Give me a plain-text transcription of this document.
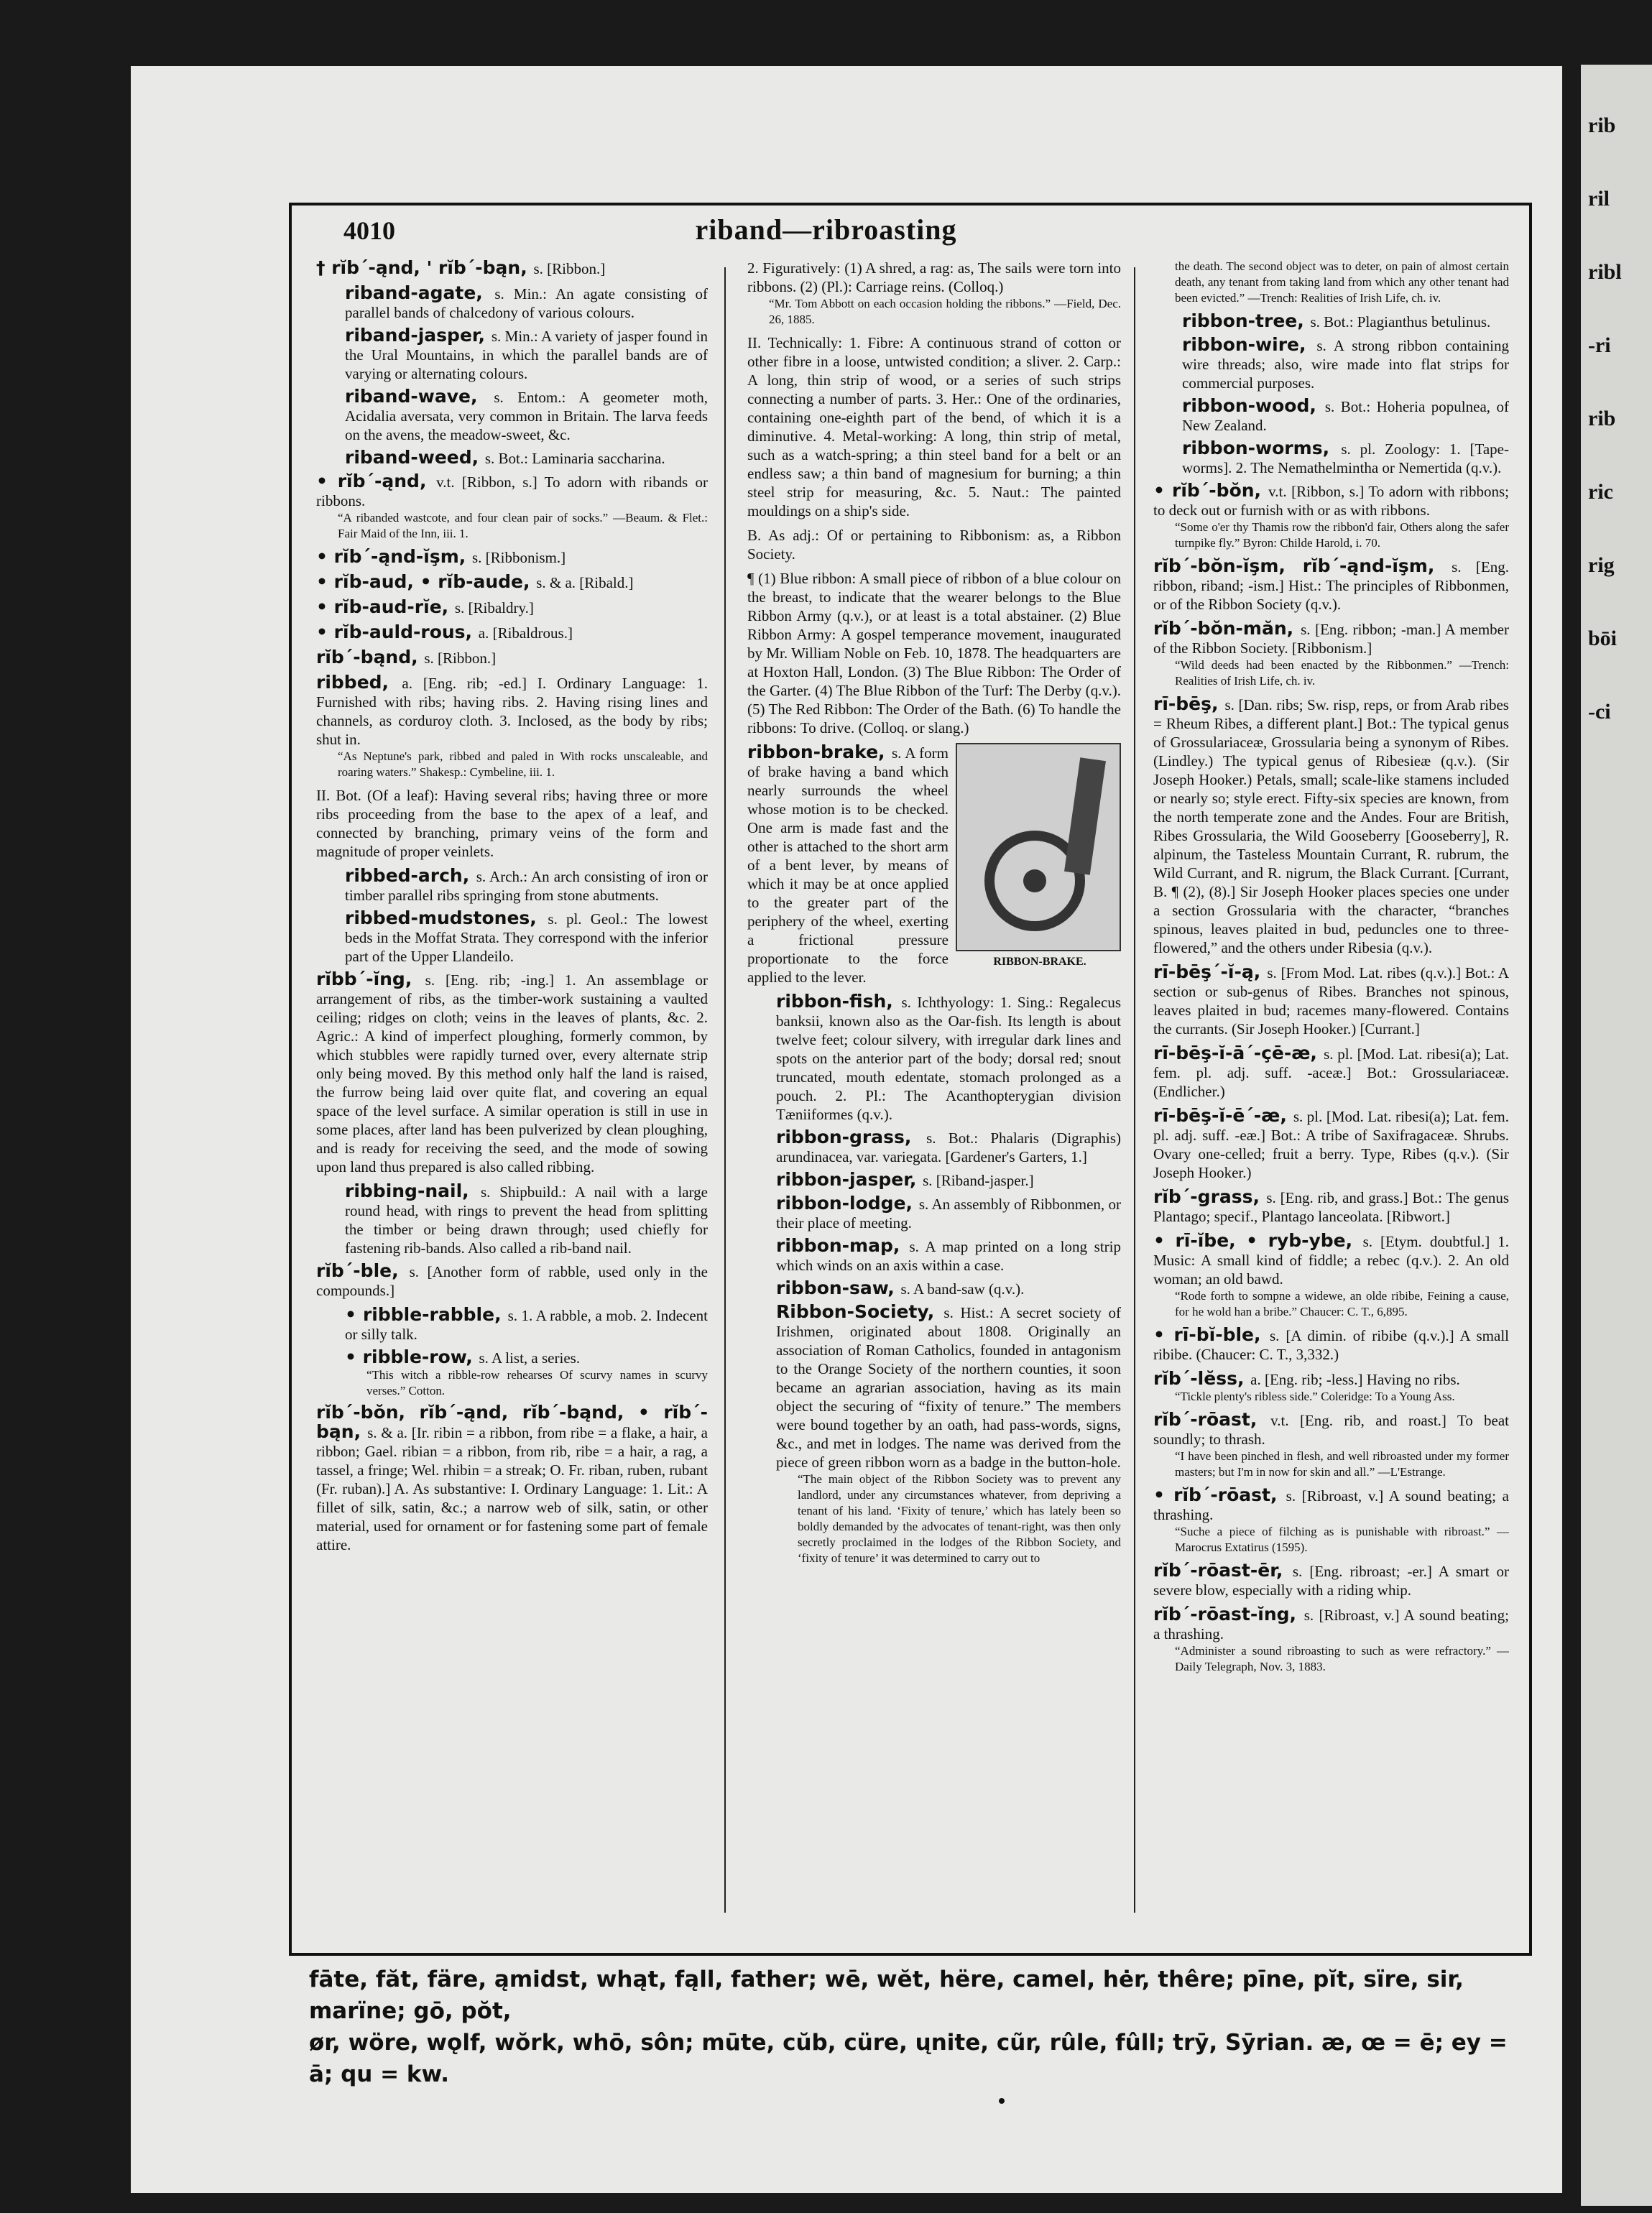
rib
ril
ribl
-ri
rib
ric
rig
bōi
-ci
4010	riband—ribroasting
† rĭb´-ąnd, ' rĭb´-bąn, s. [Ribbon.]
riband-agate, s. Min.: An agate consisting of parallel bands of chalcedony of various colours.
riband-jasper, s. Min.: A variety of jasper found in the Ural Mountains, in which the parallel bands are of varying or alternating colours.
riband-wave, s. Entom.: A geometer moth, Acidalia aversata, very common in Britain. The larva feeds on the avens, the meadow-sweet, &c.
riband-weed, s. Bot.: Laminaria saccharina.
• rĭb´-ąnd, v.t. [Ribbon, s.] To adorn with ribands or ribbons.
“A ribanded wastcote, and four clean pair of socks.” —Beaum. & Flet.: Fair Maid of the Inn, iii. 1.
• rĭb´-ąnd-ĭşm, s. [Ribbonism.]
• rĭb-aud, • rĭb-aude, s. & a. [Ribald.]
• rĭb-aud-rĭe, s. [Ribaldry.]
• rĭb-auld-rous, a. [Ribaldrous.]
rĭb´-bąnd, s. [Ribbon.]
ribbed, a. [Eng. rib; -ed.] I. Ordinary Language: 1. Furnished with ribs; having ribs. 2. Having rising lines and channels, as corduroy cloth. 3. Inclosed, as the body by ribs; shut in.
“As Neptune's park, ribbed and paled in With rocks unscaleable, and roaring waters.” Shakesp.: Cymbeline, iii. 1.
II. Bot. (Of a leaf): Having several ribs; having three or more ribs proceeding from the base to the apex of a leaf, and connected by branching, primary veins of the form and magnitude of proper veinlets.
ribbed-arch, s. Arch.: An arch consisting of iron or timber parallel ribs springing from stone abutments.
ribbed-mudstones, s. pl. Geol.: The lowest beds in the Moffat Strata. They correspond with the inferior part of the Upper Llandeilo.
rĭbb´-ĭng, s. [Eng. rib; -ing.] 1. An assemblage or arrangement of ribs, as the timber-work sustaining a vaulted ceiling; ridges on cloth; veins in the leaves of plants, &c. 2. Agric.: A kind of imperfect ploughing, formerly common, by which stubbles were rapidly turned over, every alternate strip only being moved. By this method only half the land is raised, the furrow being laid over quite flat, and covering an equal space of the level surface. A similar operation is still in use in some places, after land has been pulverized by clean ploughing, and is ready for receiving the seed, and the mode of sowing upon land thus prepared is also called ribbing.
ribbing-nail, s. Shipbuild.: A nail with a large round head, with rings to prevent the head from splitting the timber or being drawn through; used chiefly for fastening rib-bands. Also called a rib-band nail.
rĭb´-ble, s. [Another form of rabble, used only in the compounds.]
• ribble-rabble, s. 1. A rabble, a mob. 2. Indecent or silly talk.
• ribble-row, s. A list, a series.
“This witch a ribble-row rehearses Of scurvy names in scurvy verses.” Cotton.
rĭb´-bŏn, rĭb´-ąnd, rĭb´-bąnd, • rĭb´-bąn, s. & a. [Ir. ribin = a ribbon, from ribe = a flake, a hair, a ribbon; Gael. ribian = a ribbon, from rib, ribe = a hair, a rag, a tassel, a fringe; Wel. rhibin = a streak; O. Fr. riban, ruben, rubant (Fr. ruban).] A. As substantive: I. Ordinary Language: 1. Lit.: A fillet of silk, satin, &c.; a narrow web of silk, satin, or other material, used for ornament or for fastening some part of female attire.
2. Figuratively: (1) A shred, a rag: as, The sails were torn into ribbons. (2) (Pl.): Carriage reins. (Colloq.)
“Mr. Tom Abbott on each occasion holding the ribbons.” —Field, Dec. 26, 1885.
II. Technically: 1. Fibre: A continuous strand of cotton or other fibre in a loose, untwisted condition; a sliver. 2. Carp.: A long, thin strip of wood, or a series of such strips connecting a number of parts. 3. Her.: One of the ordinaries, containing one-eighth part of the bend, of which it is a diminutive. 4. Metal-working: A long, thin strip of metal, such as a watch-spring; a thin steel band for a belt or an endless saw; a thin band of magnesium for burning; a thin steel strip for measuring, &c. 5. Naut.: The painted mouldings on a ship's side.
B. As adj.: Of or pertaining to Ribbonism: as, a Ribbon Society.
¶ (1) Blue ribbon: A small piece of ribbon of a blue colour on the breast, to indicate that the wearer belongs to the Blue Ribbon Army (q.v.), or at least is a total abstainer. (2) Blue Ribbon Army: A gospel temperance movement, inaugurated by Mr. William Noble on Feb. 10, 1878. The headquarters are at Hoxton Hall, London. (3) The Blue Ribbon: The Order of the Garter. (4) The Blue Ribbon of the Turf: The Derby (q.v.). (5) The Red Ribbon: The Order of the Bath. (6) To handle the ribbons: To drive. (Colloq. or slang.)
RIBBON-BRAKE.
ribbon-brake, s. A form of brake having a band which nearly surrounds the wheel whose motion is to be checked. One arm is made fast and the other is attached to the short arm of a bent lever, by means of which it may be at once applied to the greater part of the periphery of the wheel, exerting a frictional pressure proportionate to the force applied to the lever.
ribbon-fish, s. Ichthyology: 1. Sing.: Regalecus banksii, known also as the Oar-fish. Its length is about twelve feet; colour silvery, with irregular dark lines and spots on the anterior part of the body; dorsal red; snout truncated, mouth edentate, stomach prolonged as a pouch. 2. Pl.: The Acanthopterygian division Tæniiformes (q.v.).
ribbon-grass, s. Bot.: Phalaris (Digraphis) arundinacea, var. variegata. [Gardener's Garters, 1.]
ribbon-jasper, s. [Riband-jasper.]
ribbon-lodge, s. An assembly of Ribbonmen, or their place of meeting.
ribbon-map, s. A map printed on a long strip which winds on an axis within a case.
ribbon-saw, s. A band-saw (q.v.).
Ribbon-Society, s. Hist.: A secret society of Irishmen, originated about 1808. Originally an association of Roman Catholics, founded in antagonism to the Orange Society of the northern counties, it soon became an agrarian association, having as its main object the securing of “fixity of tenure.” The members were bound together by an oath, had pass-words, signs, &c., and met in lodges. The name was derived from the piece of green ribbon worn as a badge in the button-hole.
“The main object of the Ribbon Society was to prevent any landlord, under any circumstances whatever, from depriving a tenant of his land. ‘Fixity of tenure,’ which has lately been so boldly demanded by the advocates of tenant-right, was then only secretly proclaimed in the lodges of the Ribbon Society, and ‘fixity of tenure’ it was determined to carry out to
the death. The second object was to deter, on pain of almost certain death, any tenant from taking land from which any other tenant had been evicted.” —Trench: Realities of Irish Life, ch. iv.
ribbon-tree, s. Bot.: Plagianthus betulinus.
ribbon-wire, s. A strong ribbon containing wire threads; also, wire made into flat strips for commercial purposes.
ribbon-wood, s. Bot.: Hoheria populnea, of New Zealand.
ribbon-worms, s. pl. Zoology: 1. [Tape-worms]. 2. The Nemathelmintha or Nemertida (q.v.).
• rĭb´-bŏn, v.t. [Ribbon, s.] To adorn with ribbons; to deck out or furnish with or as with ribbons.
“Some o'er thy Thamis row the ribbon'd fair, Others along the safer turnpike fly.” Byron: Childe Harold, i. 70.
rĭb´-bŏn-ĭşm, rĭb´-ąnd-ĭşm, s. [Eng. ribbon, riband; -ism.] Hist.: The principles of Ribbonmen, or of the Ribbon Society (q.v.).
rĭb´-bŏn-măn, s. [Eng. ribbon; -man.] A member of the Ribbon Society. [Ribbonism.]
“Wild deeds had been enacted by the Ribbonmen.” —Trench: Realities of Irish Life, ch. iv.
rī-bēş, s. [Dan. ribs; Sw. risp, reps, or from Arab ribes = Rheum Ribes, a different plant.] Bot.: The typical genus of Grossulariaceæ, Grossularia being a synonym of Ribes. (Lindley.) The typical genus of Ribesieæ (q.v.). (Sir Joseph Hooker.) Petals, small; scale-like stamens included or nearly so; style erect. Fifty-six species are known, from the north temperate zone and the Andes. Four are British, Ribes Grossularia, the Wild Gooseberry [Gooseberry], R. alpinum, the Tasteless Mountain Currant, R. rubrum, the Wild Currant, and R. nigrum, the Black Currant. [Currant, B. ¶ (2), (8).] Sir Joseph Hooker places species one under a section Grossularia with the character, “branches spinous, leaves plaited in bud, peduncles one to three-flowered,” and the others under Ribesia (q.v.).
rī-bēş´-ĭ-ą, s. [From Mod. Lat. ribes (q.v.).] Bot.: A section or sub-genus of Ribes. Branches not spinous, leaves plaited in bud; racemes many-flowered. Contains the currants. (Sir Joseph Hooker.) [Currant.]
rī-bēş-ĭ-ā´-çē-æ, s. pl. [Mod. Lat. ribesi(a); Lat. fem. pl. adj. suff. -aceæ.] Bot.: Grossulariaceæ. (Endlicher.)
rī-bēş-ĭ-ē´-æ, s. pl. [Mod. Lat. ribesi(a); Lat. fem. pl. adj. suff. -eæ.] Bot.: A tribe of Saxifragaceæ. Shrubs. Ovary one-celled; fruit a berry. Type, Ribes (q.v.). (Sir Joseph Hooker.)
rĭb´-grass, s. [Eng. rib, and grass.] Bot.: The genus Plantago; specif., Plantago lanceolata. [Ribwort.]
• rī-ĭbe, • ryb-ybe, s. [Etym. doubtful.] 1. Music: A small kind of fiddle; a rebec (q.v.). 2. An old woman; an old bawd.
“Rode forth to sompne a widewe, an olde ribibe, Feining a cause, for he wold han a bribe.” Chaucer: C. T., 6,895.
• rī-bĭ-ble, s. [A dimin. of ribibe (q.v.).] A small ribibe. (Chaucer: C. T., 3,332.)
rĭb´-lĕss, a. [Eng. rib; -less.] Having no ribs.
“Tickle plenty's ribless side.” Coleridge: To a Young Ass.
rĭb´-rōast, v.t. [Eng. rib, and roast.] To beat soundly; to thrash.
“I have been pinched in flesh, and well ribroasted under my former masters; but I'm in now for skin and all.” —L'Estrange.
• rĭb´-rōast, s. [Ribroast, v.] A sound beating; a thrashing.
“Suche a piece of filching as is punishable with ribroast.” —Marocrus Extatirus (1595).
rĭb´-rōast-ēr, s. [Eng. ribroast; -er.] A smart or severe blow, especially with a riding whip.
rĭb´-rōast-ĭng, s. [Ribroast, v.] A sound beating; a thrashing.
“Administer a sound ribroasting to such as were refractory.” —Daily Telegraph, Nov. 3, 1883.
fāte, făt, färe, ąmidst, whąt, fąll, father; wē, wĕt, hëre, camel, hėr, thêre; pīne, pĭt, sïre, sir, marïne; gō, pŏt,
ør, wöre, wǫlf, wŏrk, whō, sôn; mūte, cŭb, cüre, ųnite, cũr, rûle, fûll; trȳ, Sȳrian. æ, œ = ē; ey = ā; qu = kw.
